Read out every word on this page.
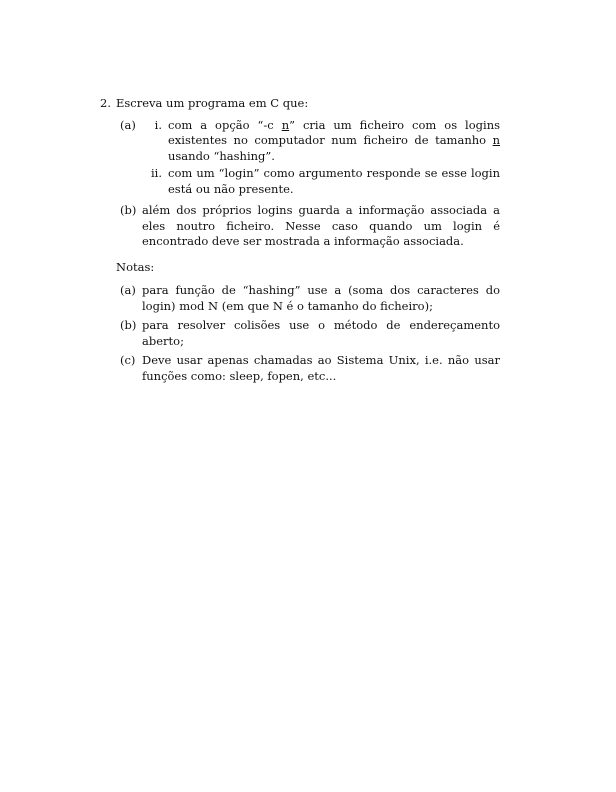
2. Escreva um programa em C que:

(a)	i. com a opção “-c n” cria um ficheiro com os logins existentes no computador num ficheiro de tamanho n usando “hashing”.
ii. com um “login” como argumento responde se esse login está ou não presente.
(b) além dos próprios logins guarda a informação associada a eles noutro ficheiro. Nesse caso quando um login é encontrado deve ser mostrada a informação associada.

Notas:

(a) para função de “hashing” use a (soma dos caracteres do login) mod N (em que N é o tamanho do ficheiro);
(b) para resolver colisões use o método de endereçamento aberto;
(c) Deve usar apenas chamadas ao Sistema Unix, i.e. não usar funções como: sleep, fopen, etc...
